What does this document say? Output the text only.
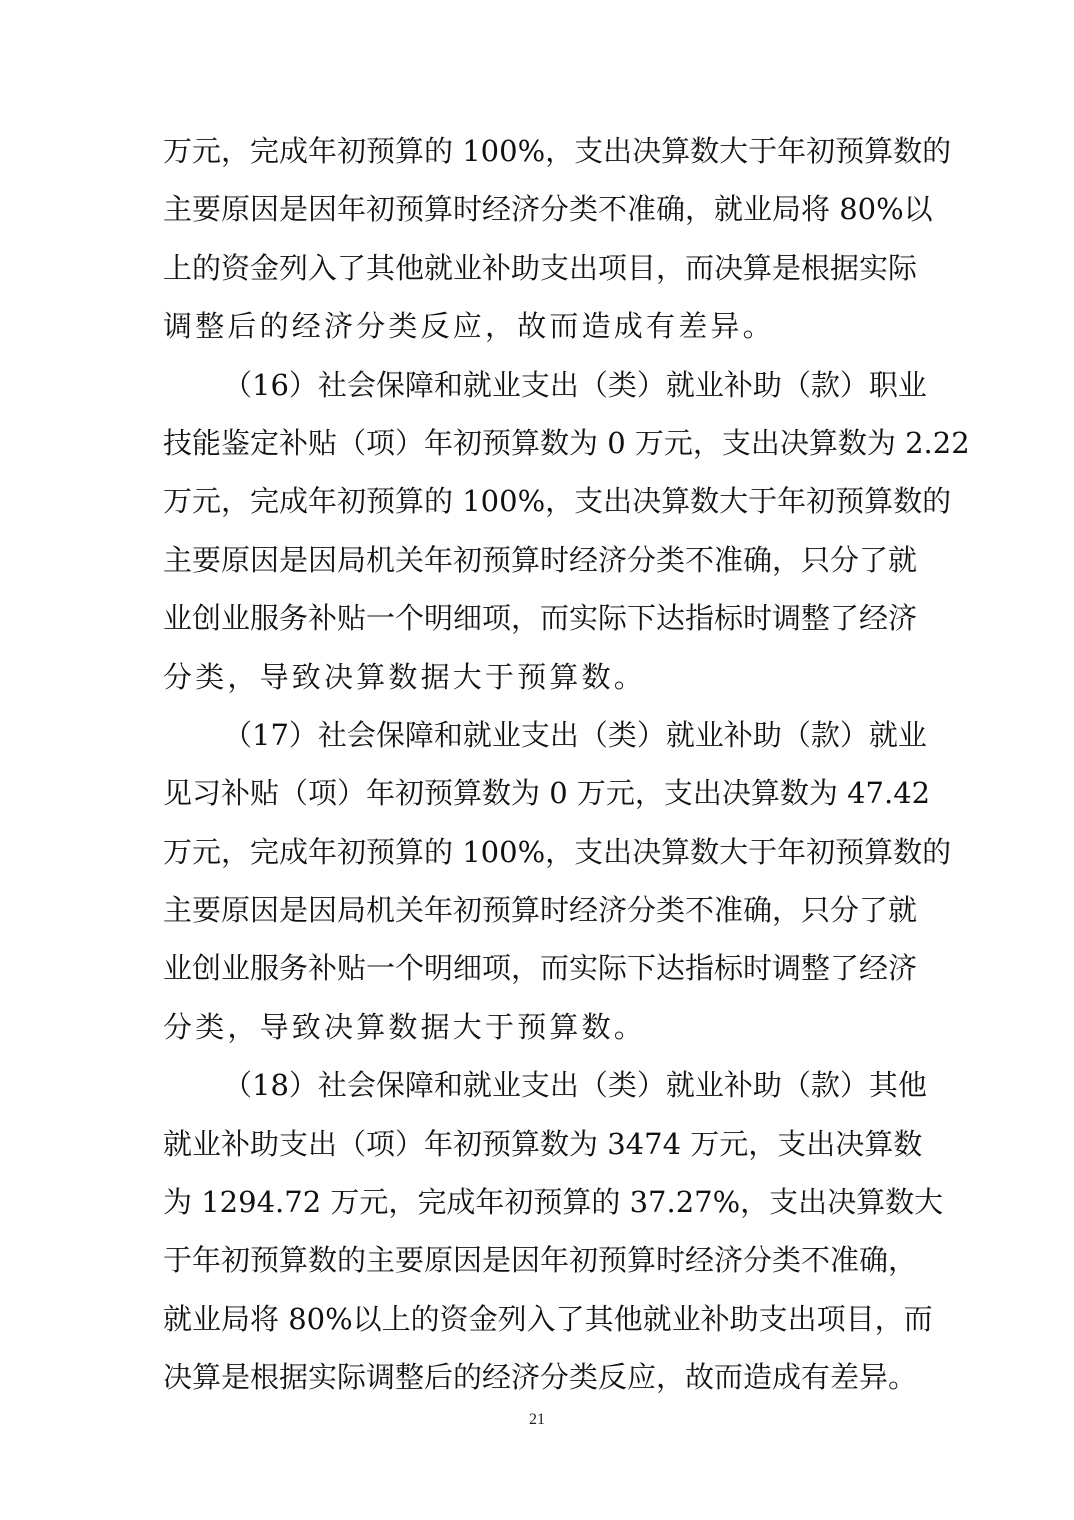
万元，完成年初预算的 100%，支出决算数大于年初预算数的
主要原因是因年初预算时经济分类不准确，就业局将 80%以
上的资金列入了其他就业补助支出项目，而决算是根据实际
调整后的经济分类反应，故而造成有差异。
（16）社会保障和就业支出（类）就业补助（款）职业
技能鉴定补贴（项）年初预算数为 0 万元，支出决算数为 2.22
万元，完成年初预算的 100%，支出决算数大于年初预算数的
主要原因是因局机关年初预算时经济分类不准确，只分了就
业创业服务补贴一个明细项，而实际下达指标时调整了经济
分类，导致决算数据大于预算数。
（17）社会保障和就业支出（类）就业补助（款）就业
见习补贴（项）年初预算数为 0 万元，支出决算数为 47.42
万元，完成年初预算的 100%，支出决算数大于年初预算数的
主要原因是因局机关年初预算时经济分类不准确，只分了就
业创业服务补贴一个明细项，而实际下达指标时调整了经济
分类，导致决算数据大于预算数。
（18）社会保障和就业支出（类）就业补助（款）其他
就业补助支出（项）年初预算数为 3474 万元，支出决算数
为 1294.72 万元，完成年初预算的 37.27%，支出决算数大
于年初预算数的主要原因是因年初预算时经济分类不准确，
就业局将 80%以上的资金列入了其他就业补助支出项目，而
决算是根据实际调整后的经济分类反应，故而造成有差异。
21
